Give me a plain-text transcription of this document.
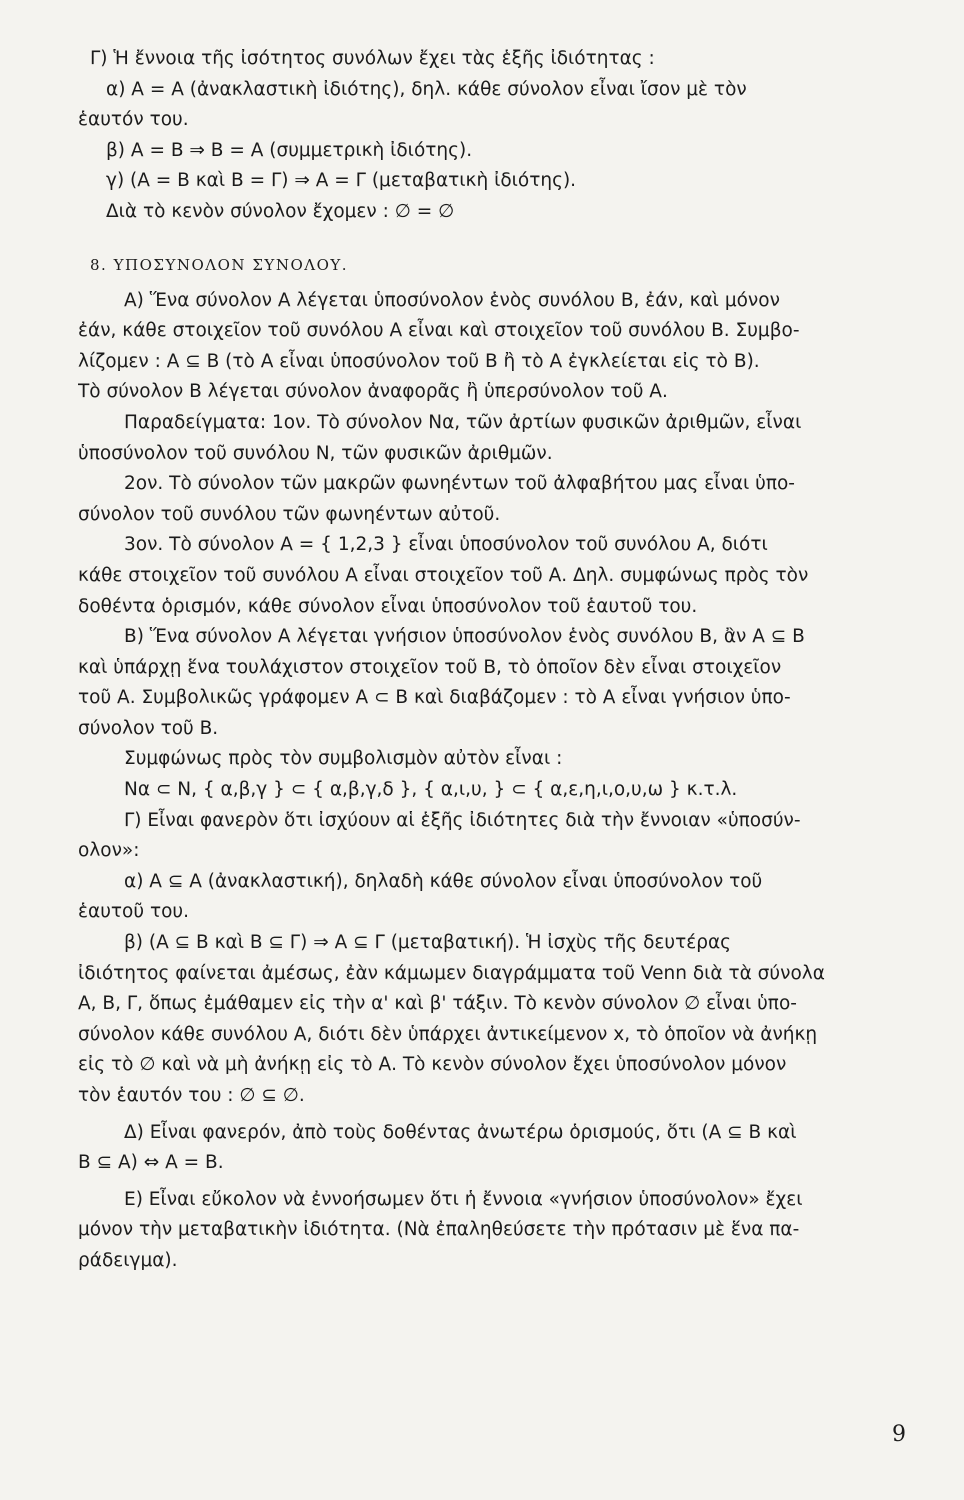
Γ) Ἡ ἔννοια τῆς ἰσότητος συνόλων ἔχει τὰς ἑξῆς ἰδιότητας :
α) Α = Α (ἀνακλαστικὴ ἰδιότης), δηλ. κάθε σύνολον εἶναι ἴσον μὲ τὸν
ἑαυτόν του.
β) Α = Β ⇒ Β = Α (συμμετρικὴ ἰδιότης).
γ) (Α = Β καὶ Β = Γ) ⇒ Α = Γ (μεταβατικὴ ἰδιότης).
Διὰ τὸ κενὸν σύνολον ἔχομεν : ∅ = ∅
8. ΥΠΟΣΥΝΟΛΟΝ ΣΥΝΟΛΟΥ.
Α) Ἕνα σύνολον Α λέγεται ὑποσύνολον ἑνὸς συνόλου Β, ἐάν, καὶ μόνον
ἐάν, κάθε στοιχεῖον τοῦ συνόλου Α εἶναι καὶ στοιχεῖον τοῦ συνόλου Β. Συμβο-
λίζομεν : Α ⊆ Β (τὸ Α εἶναι ὑποσύνολον τοῦ Β ἢ τὸ Α ἐγκλείεται εἰς τὸ Β).
Τὸ σύνολον Β λέγεται σύνολον ἀναφορᾶς ἢ ὑπερσύνολον τοῦ Α.
Παραδείγματα: 1ον. Τὸ σύνολον Να, τῶν ἀρτίων φυσικῶν ἀριθμῶν, εἶναι
ὑποσύνολον τοῦ συνόλου Ν, τῶν φυσικῶν ἀριθμῶν.
2ον. Τὸ σύνολον τῶν μακρῶν φωνηέντων τοῦ ἀλφαβήτου μας εἶναι ὑπο-
σύνολον τοῦ συνόλου τῶν φωνηέντων αὐτοῦ.
3ον. Τὸ σύνολον Α = { 1,2,3 } εἶναι ὑποσύνολον τοῦ συνόλου Α, διότι
κάθε στοιχεῖον τοῦ συνόλου Α εἶναι στοιχεῖον τοῦ Α. Δηλ. συμφώνως πρὸς τὸν
δοθέντα ὁρισμόν, κάθε σύνολον εἶναι ὑποσύνολον τοῦ ἑαυτοῦ του.
Β) Ἕνα σύνολον Α λέγεται γνήσιον ὑποσύνολον ἑνὸς συνόλου Β, ἂν Α ⊆ Β
καὶ ὑπάρχῃ ἕνα τουλάχιστον στοιχεῖον τοῦ Β, τὸ ὁποῖον δὲν εἶναι στοιχεῖον
τοῦ Α. Συμβολικῶς γράφομεν Α ⊂ Β καὶ διαβάζομεν : τὸ Α εἶναι γνήσιον ὑπο-
σύνολον τοῦ Β.
Συμφώνως πρὸς τὸν συμβολισμὸν αὐτὸν εἶναι :
Να ⊂ Ν, { α,β,γ } ⊂ { α,β,γ,δ }, { α,ι,υ, } ⊂ { α,ε,η,ι,ο,υ,ω } κ.τ.λ.
Γ) Εἶναι φανερὸν ὅτι ἰσχύουν αἱ ἑξῆς ἰδιότητες διὰ τὴν ἔννοιαν «ὑποσύν-
ολον»:
α) Α ⊆ Α (ἀνακλαστική), δηλαδὴ κάθε σύνολον εἶναι ὑποσύνολον τοῦ
ἑαυτοῦ του.
β) (Α ⊆ Β καὶ Β ⊆ Γ) ⇒ Α ⊆ Γ (μεταβατική). Ἡ ἰσχὺς τῆς δευτέρας
ἰδιότητος φαίνεται ἀμέσως, ἐὰν κάμωμεν διαγράμματα τοῦ Venn διὰ τὰ σύνολα
Α, Β, Γ, ὅπως ἐμάθαμεν εἰς τὴν α' καὶ β' τάξιν. Τὸ κενὸν σύνολον ∅ εἶναι ὑπο-
σύνολον κάθε συνόλου Α, διότι δὲν ὑπάρχει ἀντικείμενον x, τὸ ὁποῖον νὰ ἀνήκῃ
εἰς τὸ ∅ καὶ νὰ μὴ ἀνήκῃ εἰς τὸ Α. Τὸ κενὸν σύνολον ἔχει ὑποσύνολον μόνον
τὸν ἑαυτόν του : ∅ ⊆ ∅.
Δ) Εἶναι φανερόν, ἀπὸ τοὺς δοθέντας ἀνωτέρω ὁρισμούς, ὅτι (Α ⊆ Β καὶ
Β ⊆ Α) ⇔ Α = Β.
Ε) Εἶναι εὔκολον νὰ ἐννοήσωμεν ὅτι ἡ ἔννοια «γνήσιον ὑποσύνολον» ἔχει
μόνον τὴν μεταβατικὴν ἰδιότητα. (Νὰ ἐπαληθεύσετε τὴν πρότασιν μὲ ἕνα πα-
ράδειγμα).
9
